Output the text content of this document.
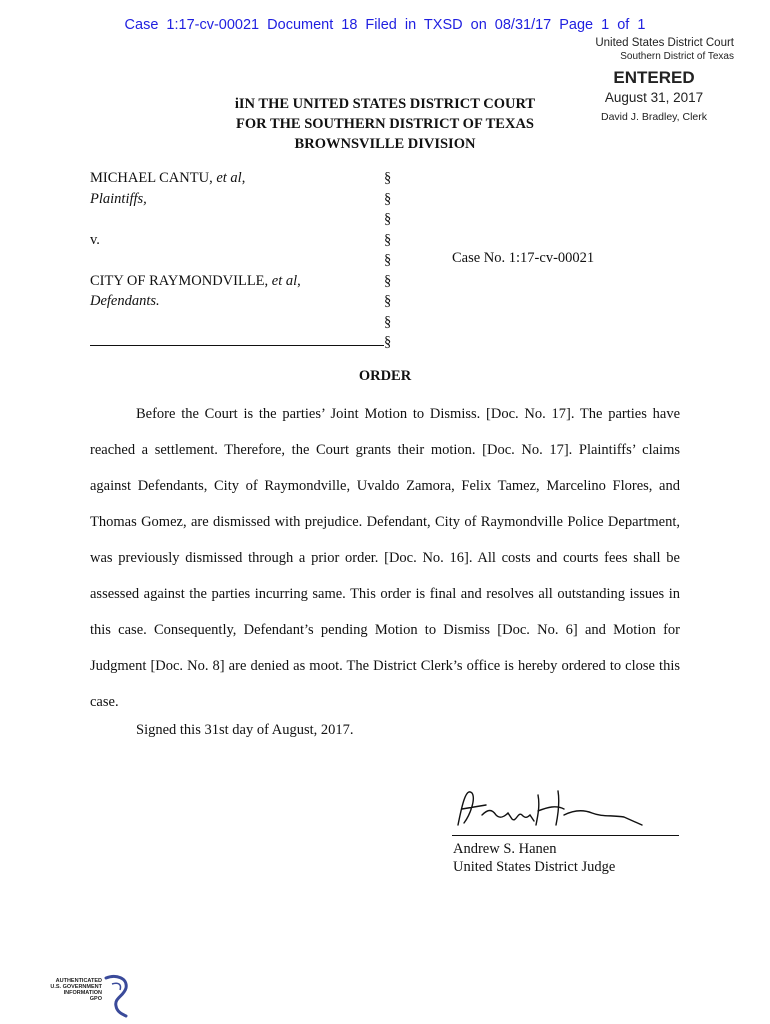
Case 1:17-cv-00021 Document 18 Filed in TXSD on 08/31/17 Page 1 of 1
United States District Court
Southern District of Texas
ENTERED
August 31, 2017
David J. Bradley, Clerk
iIN THE UNITED STATES DISTRICT COURT
FOR THE SOUTHERN DISTRICT OF TEXAS
BROWNSVILLE DIVISION
MICHAEL CANTU, et al,
Plaintiffs,
v.
CITY OF RAYMONDVILLE, et al,
Defendants.
§
§
§
§
§
§
§
§
§
Case No. 1:17-cv-00021
ORDER

Before the Court is the parties’ Joint Motion to Dismiss. [Doc. No. 17]. The parties have reached a settlement. Therefore, the Court grants their motion. [Doc. No. 17]. Plaintiffs’ claims against Defendants, City of Raymondville, Uvaldo Zamora, Felix Tamez, Marcelino Flores, and Thomas Gomez, are dismissed with prejudice. Defendant, City of Raymondville Police Department, was previously dismissed through a prior order. [Doc. No. 16]. All costs and courts fees shall be assessed against the parties incurring same. This order is final and resolves all outstanding issues in this case. Consequently, Defendant’s pending Motion to Dismiss [Doc. No. 6] and Motion for Judgment [Doc. No. 8] are denied as moot. The District Clerk’s office is hereby ordered to close this case.

Signed this 31st day of August, 2017.
Andrew S. Hanen
United States District Judge
AUTHENTICATED
U.S. GOVERNMENT
INFORMATION
GPO
